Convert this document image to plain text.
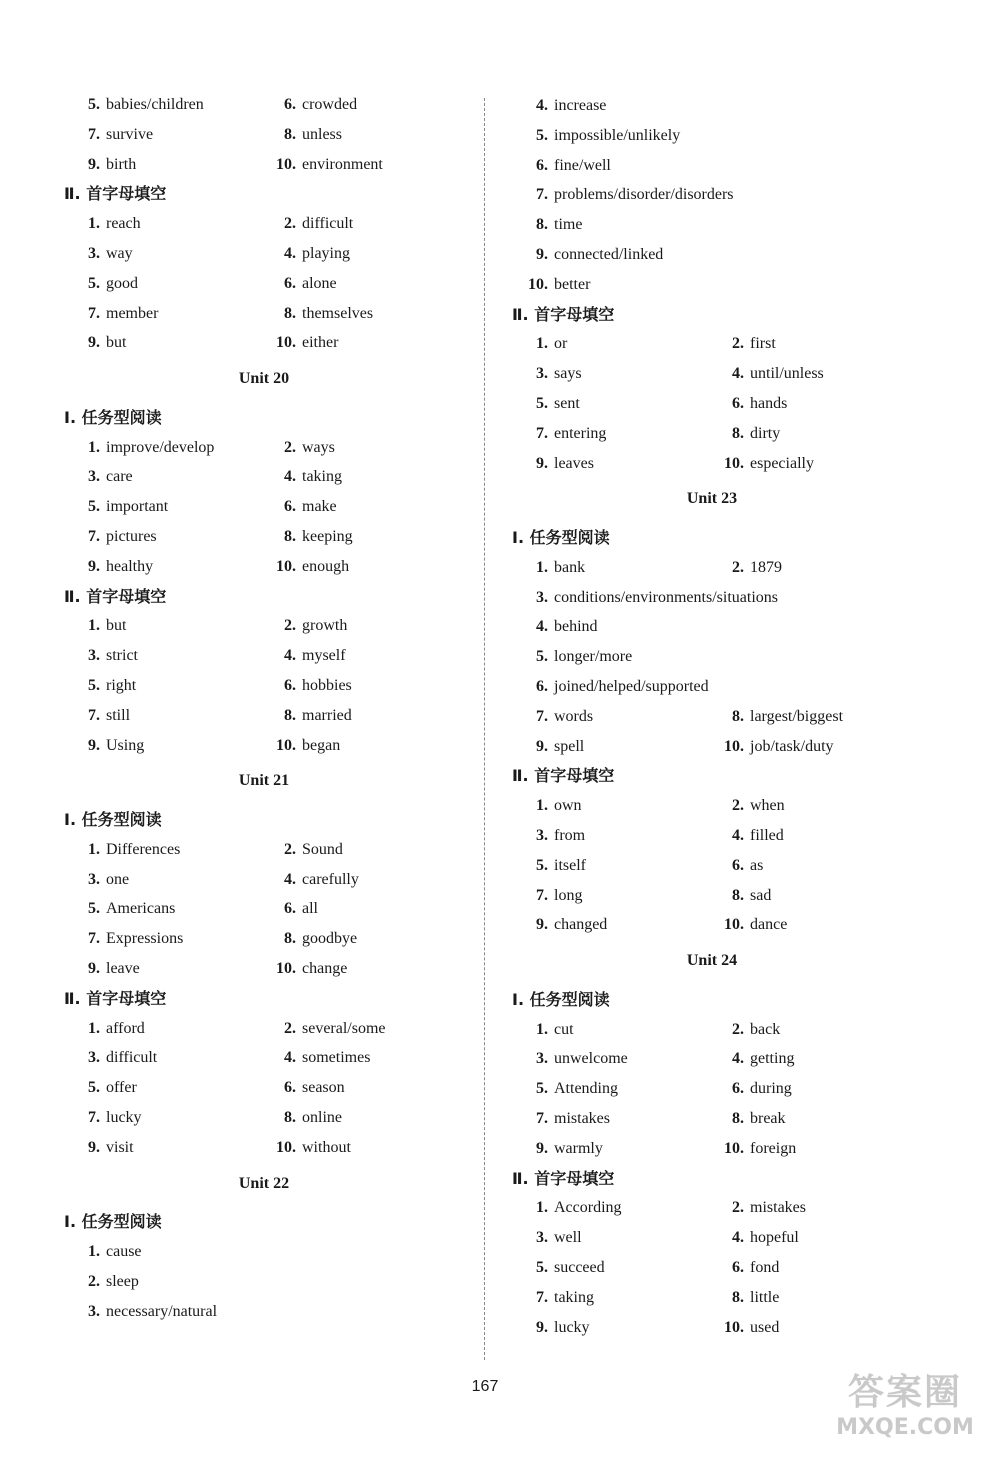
5. babies/children	6. crowded
7. survive	8. unless
9. birth	10. environment
Ⅱ. 首字母填空
1. reach	2. difficult
3. way	4. playing
5. good	6. alone
7. member	8. themselves
9. but	10. either
Unit 20
Ⅰ. 任务型阅读
1. improve/develop	2. ways
3. care	4. taking
5. important	6. make
7. pictures	8. keeping
9. healthy	10. enough
Ⅱ. 首字母填空
1. but	2. growth
3. strict	4. myself
5. right	6. hobbies
7. still	8. married
9. Using	10. began
Unit 21
Ⅰ. 任务型阅读
1. Differences	2. Sound
3. one	4. carefully
5. Americans	6. all
7. Expressions	8. goodbye
9. leave	10. change
Ⅱ. 首字母填空
1. afford	2. several/some
3. difficult	4. sometimes
5. offer	6. season
7. lucky	8. online
9. visit	10. without
Unit 22
Ⅰ. 任务型阅读
1. cause
2. sleep
3. necessary/natural
4. increase
5. impossible/unlikely
6. fine/well
7. problems/disorder/disorders
8. time
9. connected/linked
10. better
Ⅱ. 首字母填空
1. or	2. first
3. says	4. until/unless
5. sent	6. hands
7. entering	8. dirty
9. leaves	10. especially
Unit 23
Ⅰ. 任务型阅读
1. bank	2. 1879
3. conditions/environments/situations
4. behind
5. longer/more
6. joined/helped/supported
7. words	8. largest/biggest
9. spell	10. job/task/duty
Ⅱ. 首字母填空
1. own	2. when
3. from	4. filled
5. itself	6. as
7. long	8. sad
9. changed	10. dance
Unit 24
Ⅰ. 任务型阅读
1. cut	2. back
3. unwelcome	4. getting
5. Attending	6. during
7. mistakes	8. break
9. warmly	10. foreign
Ⅱ. 首字母填空
1. According	2. mistakes
3. well	4. hopeful
5. succeed	6. fond
7. taking	8. little
9. lucky	10. used
167	答案圈
MXQE.COM
